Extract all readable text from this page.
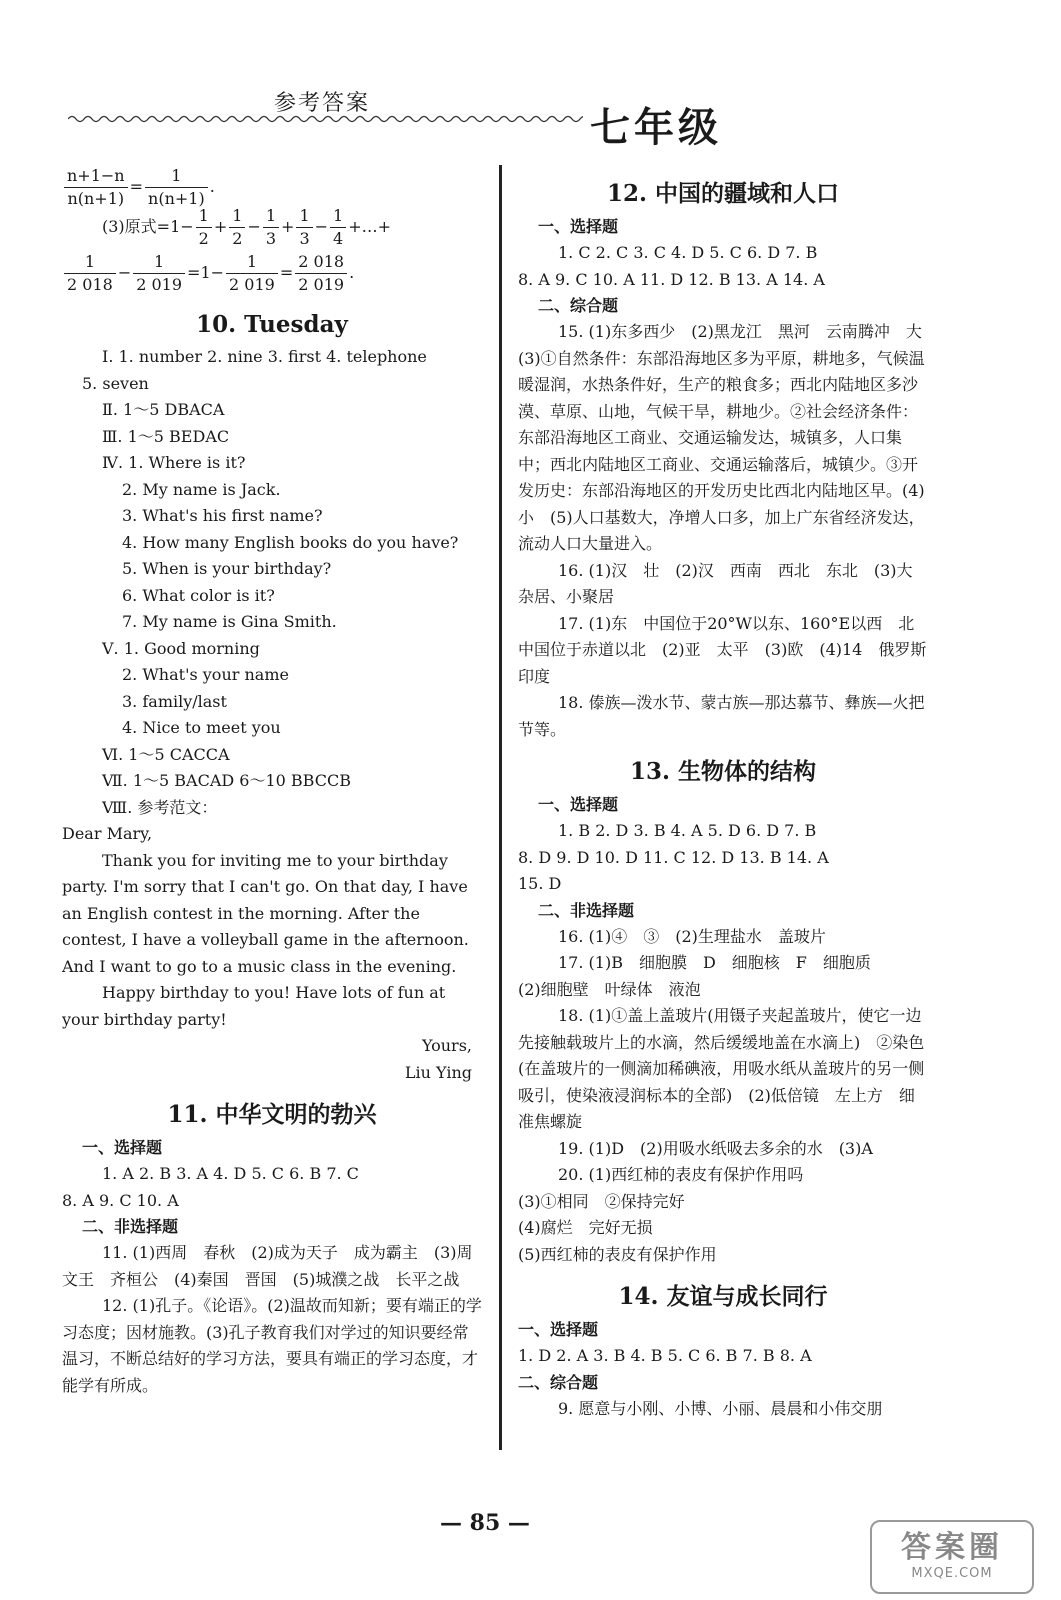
参考答案
七年级
$\frac{n+1-n}{n(n+1)} = \frac{1}{n(n+1)}$ .
(3)原式$=1- \frac{1}{2} + \frac{1}{2} - \frac{1}{3} + \frac{1}{3} - \frac{1}{4}$ +…+
$\frac{1}{2 018} - \frac{1}{2 019} =1- \frac{1}{2 019} = \frac{2 018}{2 019}$ .
10. Tuesday
Ⅰ. 1. number 2. nine 3. first 4. telephone
5. seven
Ⅱ. 1～5 DBACA
Ⅲ. 1～5 BEDAC
Ⅳ. 1. Where is it?
2. My name is Jack.
3. What's his first name?
4. How many English books do you have?
5. When is your birthday?
6. What color is it?
7. My name is Gina Smith.
Ⅴ. 1. Good morning
2. What's your name
3. family/last
4. Nice to meet you
Ⅵ. 1～5 CACCA
Ⅶ. 1～5 BACAD 6～10 BBCCB
Ⅷ. 参考范文：
Dear Mary,
Thank you for inviting me to your birthday party. I'm sorry that I can't go. On that day, I have an English contest in the morning. After the contest, I have a volleyball game in the afternoon. And I want to go to a music class in the evening.
Happy birthday to you! Have lots of fun at your birthday party!
Yours,
Liu Ying
11. 中华文明的勃兴
一、选择题
1. A 2. B 3. A 4. D 5. C 6. B 7. C
8. A 9. C 10. A
二、非选择题
11. (1)西周　春秋　(2)成为天子　成为霸主　(3)周文王　齐桓公　(4)秦国　晋国　(5)城濮之战　长平之战
12. (1)孔子。《论语》。(2)温故而知新；要有端正的学习态度；因材施教。(3)孔子教育我们对学过的知识要经常温习，不断总结好的学习方法，要具有端正的学习态度，才能学有所成。
12. 中国的疆域和人口
一、选择题
1. C 2. C 3. C 4. D 5. C 6. D 7. B
8. A 9. C 10. A 11. D 12. B 13. A 14. A
二、综合题
15. (1)东多西少　(2)黑龙江　黑河　云南腾冲　大　(3)①自然条件：东部沿海地区多为平原，耕地多，气候温暖湿润，水热条件好，生产的粮食多；西北内陆地区多沙漠、草原、山地，气候干旱，耕地少。②社会经济条件：东部沿海地区工商业、交通运输发达，城镇多，人口集中；西北内陆地区工商业、交通运输落后，城镇少。③开发历史：东部沿海地区的开发历史比西北内陆地区早。(4)小　(5)人口基数大，净增人口多，加上广东省经济发达，流动人口大量进入。
16. (1)汉　壮　(2)汉　西南　西北　东北　(3)大杂居、小聚居
17. (1)东　中国位于20°W以东、160°E以西　北　中国位于赤道以北　(2)亚　太平　(3)欧　(4)14　俄罗斯　印度
18. 傣族—泼水节、蒙古族—那达慕节、彝族—火把节等。
13. 生物体的结构
一、选择题
1. B 2. D 3. B 4. A 5. D 6. D 7. B
8. D 9. D 10. D 11. C 12. D 13. B 14. A
15. D
二、非选择题
16. (1)④　③　(2)生理盐水　盖玻片
17. (1)B　细胞膜　D　细胞核　F　细胞质
(2)细胞壁　叶绿体　液泡
18. (1)①盖上盖玻片(用镊子夹起盖玻片，使它一边先接触载玻片上的水滴，然后缓缓地盖在水滴上)　②染色(在盖玻片的一侧滴加稀碘液，用吸水纸从盖玻片的另一侧吸引，使染液浸润标本的全部)　(2)低倍镜　左上方　细准焦螺旋
19. (1)D　(2)用吸水纸吸去多余的水　(3)A
20. (1)西红柿的表皮有保护作用吗
(3)①相同　②保持完好
(4)腐烂　完好无损
(5)西红柿的表皮有保护作用
14. 友谊与成长同行
一、选择题
1. D 2. A 3. B 4. B 5. C 6. B 7. B 8. A
二、综合题
9. 愿意与小刚、小博、小丽、晨晨和小伟交朋
— 85 —
答案圈
MXQE.COM
